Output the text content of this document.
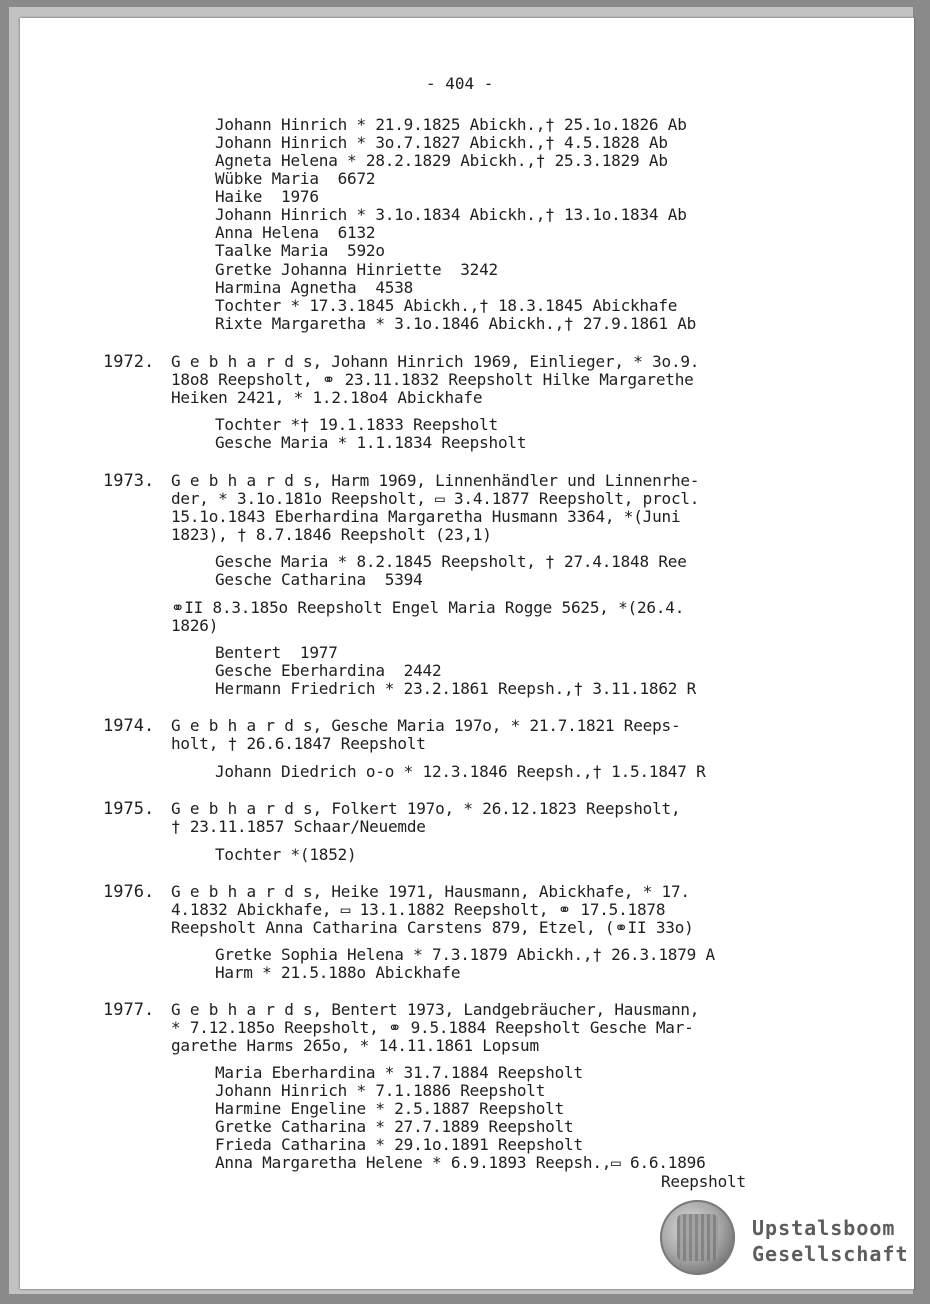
- 404 -
1972.
1973.
1974.
1975.
1976.
1977.
Johann Hinrich * 21.9.1825 Abickh.,† 25.1o.1826 Ab
Johann Hinrich * 3o.7.1827 Abickh.,† 4.5.1828 Ab
Agneta Helena * 28.2.1829 Abickh.,† 25.3.1829 Ab
Wübke Maria  6672
Haike  1976
Johann Hinrich * 3.1o.1834 Abickh.,† 13.1o.1834 Ab
Anna Helena  6132
Taalke Maria  592o
Gretke Johanna Hinriette  3242
Harmina Agnetha  4538
Tochter * 17.3.1845 Abickh.,† 18.3.1845 Abickhafe
Rixte Margaretha * 3.1o.1846 Abickh.,† 27.9.1861 Ab
G e b h a r d s, Johann Hinrich 1969, Einlieger, * 3o.9.
18o8 Reepsholt, ⚭ 23.11.1832 Reepsholt Hilke Margarethe
Heiken 2421, * 1.2.18o4 Abickhafe
Tochter *† 19.1.1833 Reepsholt
Gesche Maria * 1.1.1834 Reepsholt
G e b h a r d s, Harm 1969, Linnenhändler und Linnenrhe-
der, * 3.1o.181o Reepsholt, ▭ 3.4.1877 Reepsholt, procl.
15.1o.1843 Eberhardina Margaretha Husmann 3364, *(Juni
1823), † 8.7.1846 Reepsholt (23,1)
Gesche Maria * 8.2.1845 Reepsholt, † 27.4.1848 Ree
Gesche Catharina  5394
⚭II 8.3.185o Reepsholt Engel Maria Rogge 5625, *(26.4.
1826)
Bentert  1977
Gesche Eberhardina  2442
Hermann Friedrich * 23.2.1861 Reepsh.,† 3.11.1862 R
G e b h a r d s, Gesche Maria 197o, * 21.7.1821 Reeps-
holt, † 26.6.1847 Reepsholt
Johann Diedrich o-o * 12.3.1846 Reepsh.,† 1.5.1847 R
G e b h a r d s, Folkert 197o, * 26.12.1823 Reepsholt,
† 23.11.1857 Schaar/Neuemde
Tochter *(1852)
G e b h a r d s, Heike 1971, Hausmann, Abickhafe, * 17.
4.1832 Abickhafe, ▭ 13.1.1882 Reepsholt, ⚭ 17.5.1878
Reepsholt Anna Catharina Carstens 879, Etzel, (⚭II 33o)
Gretke Sophia Helena * 7.3.1879 Abickh.,† 26.3.1879 A
Harm * 21.5.188o Abickhafe
G e b h a r d s, Bentert 1973, Landgebräucher, Hausmann,
* 7.12.185o Reepsholt, ⚭ 9.5.1884 Reepsholt Gesche Mar-
garethe Harms 265o, * 14.11.1861 Lopsum
Maria Eberhardina * 31.7.1884 Reepsholt
Johann Hinrich * 7.1.1886 Reepsholt
Harmine Engeline * 2.5.1887 Reepsholt
Gretke Catharina * 27.7.1889 Reepsholt
Frieda Catharina * 29.1o.1891 Reepsholt
Anna Margaretha Helene * 6.9.1893 Reepsh.,▭ 6.6.1896
Reepsholt
Upstalsboom
Gesellschaft
